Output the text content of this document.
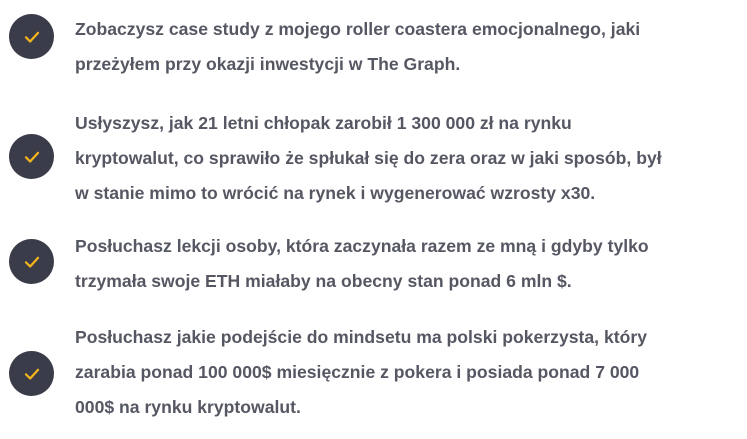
Zobaczysz case study z mojego roller coastera emocjonalnego, jaki
przeżyłem przy okazji inwestycji w The Graph.
Usłyszysz, jak 21 letni chłopak zarobił 1 300 000 zł na rynku
kryptowalut, co sprawiło że spłukał się do zera oraz w jaki sposób, był
w stanie mimo to wrócić na rynek i wygenerować wzrosty x30.
Posłuchasz lekcji osoby, która zaczynała razem ze mną i gdyby tylko
trzymała swoje ETH miałaby na obecny stan ponad 6 mln $.
Posłuchasz jakie podejście do mindsetu ma polski pokerzysta, który
zarabia ponad 100 000$ miesięcznie z pokera i posiada ponad 7 000
000$ na rynku kryptowalut.
